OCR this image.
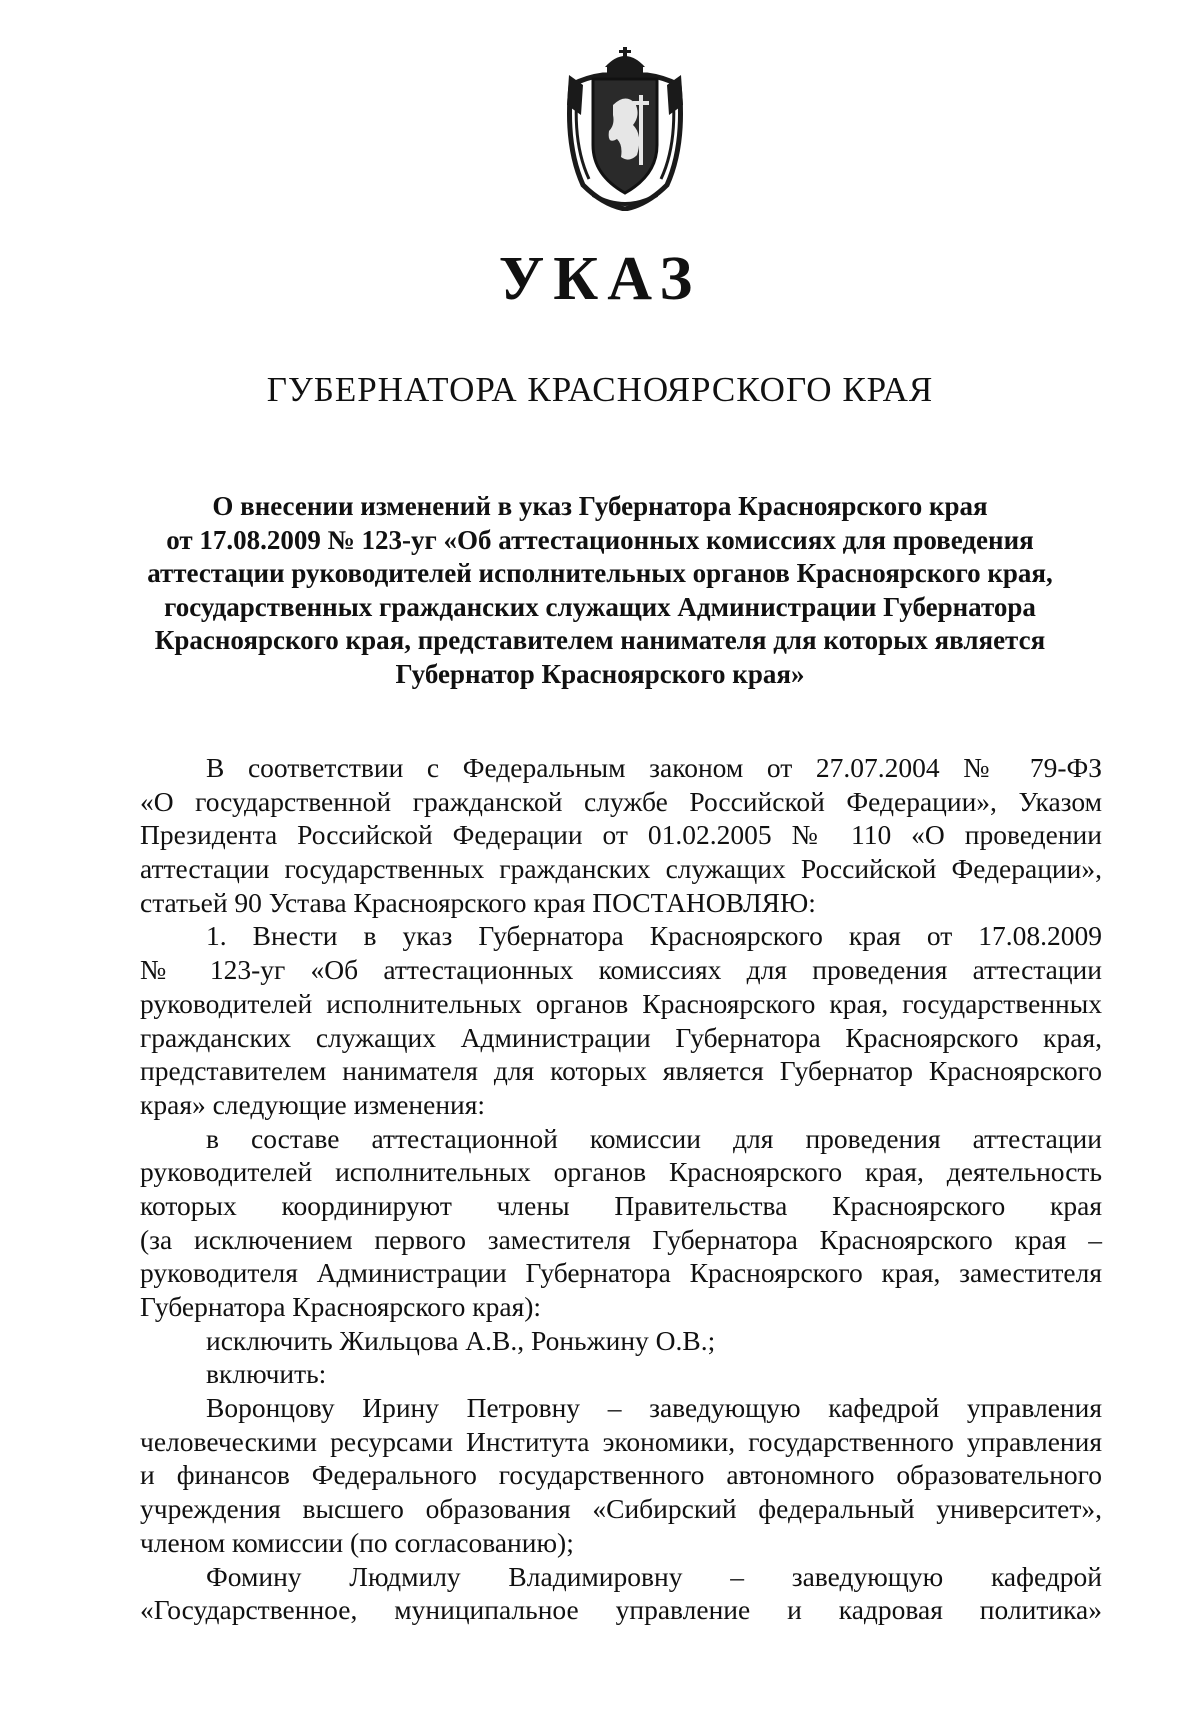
УКАЗ
ГУБЕРНАТОРА КРАСНОЯРСКОГО КРАЯ
О внесении изменений в указ Губернатора Красноярского края
от 17.08.2009 № 123-уг «Об аттестационных комиссиях для проведения
аттестации руководителей исполнительных органов Красноярского края,
государственных гражданских служащих Администрации Губернатора
Красноярского края, представителем нанимателя для которых является
Губернатор Красноярского края»
В соответствии с Федеральным законом от 27.07.2004 № 79-ФЗ
«О государственной гражданской службе Российской Федерации», Указом
Президента Российской Федерации от 01.02.2005 № 110 «О проведении
аттестации государственных гражданских служащих Российской Федерации»,
статьей 90 Устава Красноярского края ПОСТАНОВЛЯЮ:
1. Внести в указ Губернатора Красноярского края от 17.08.2009
№ 123-уг «Об аттестационных комиссиях для проведения аттестации
руководителей исполнительных органов Красноярского края, государственных
гражданских служащих Администрации Губернатора Красноярского края,
представителем нанимателя для которых является Губернатор Красноярского
края» следующие изменения:
в составе аттестационной комиссии для проведения аттестации
руководителей исполнительных органов Красноярского края, деятельность
которых координируют члены Правительства Красноярского края
(за исключением первого заместителя Губернатора Красноярского края –
руководителя Администрации Губернатора Красноярского края, заместителя
Губернатора Красноярского края):
исключить Жильцова А.В., Роньжину О.В.;
включить:
Воронцову Ирину Петровну – заведующую кафедрой управления
человеческими ресурсами Института экономики, государственного управления
и финансов Федерального государственного автономного образовательного
учреждения высшего образования «Сибирский федеральный университет»,
членом комиссии (по согласованию);
Фомину Людмилу Владимировну – заведующую кафедрой
«Государственное, муниципальное управление и кадровая политика»
